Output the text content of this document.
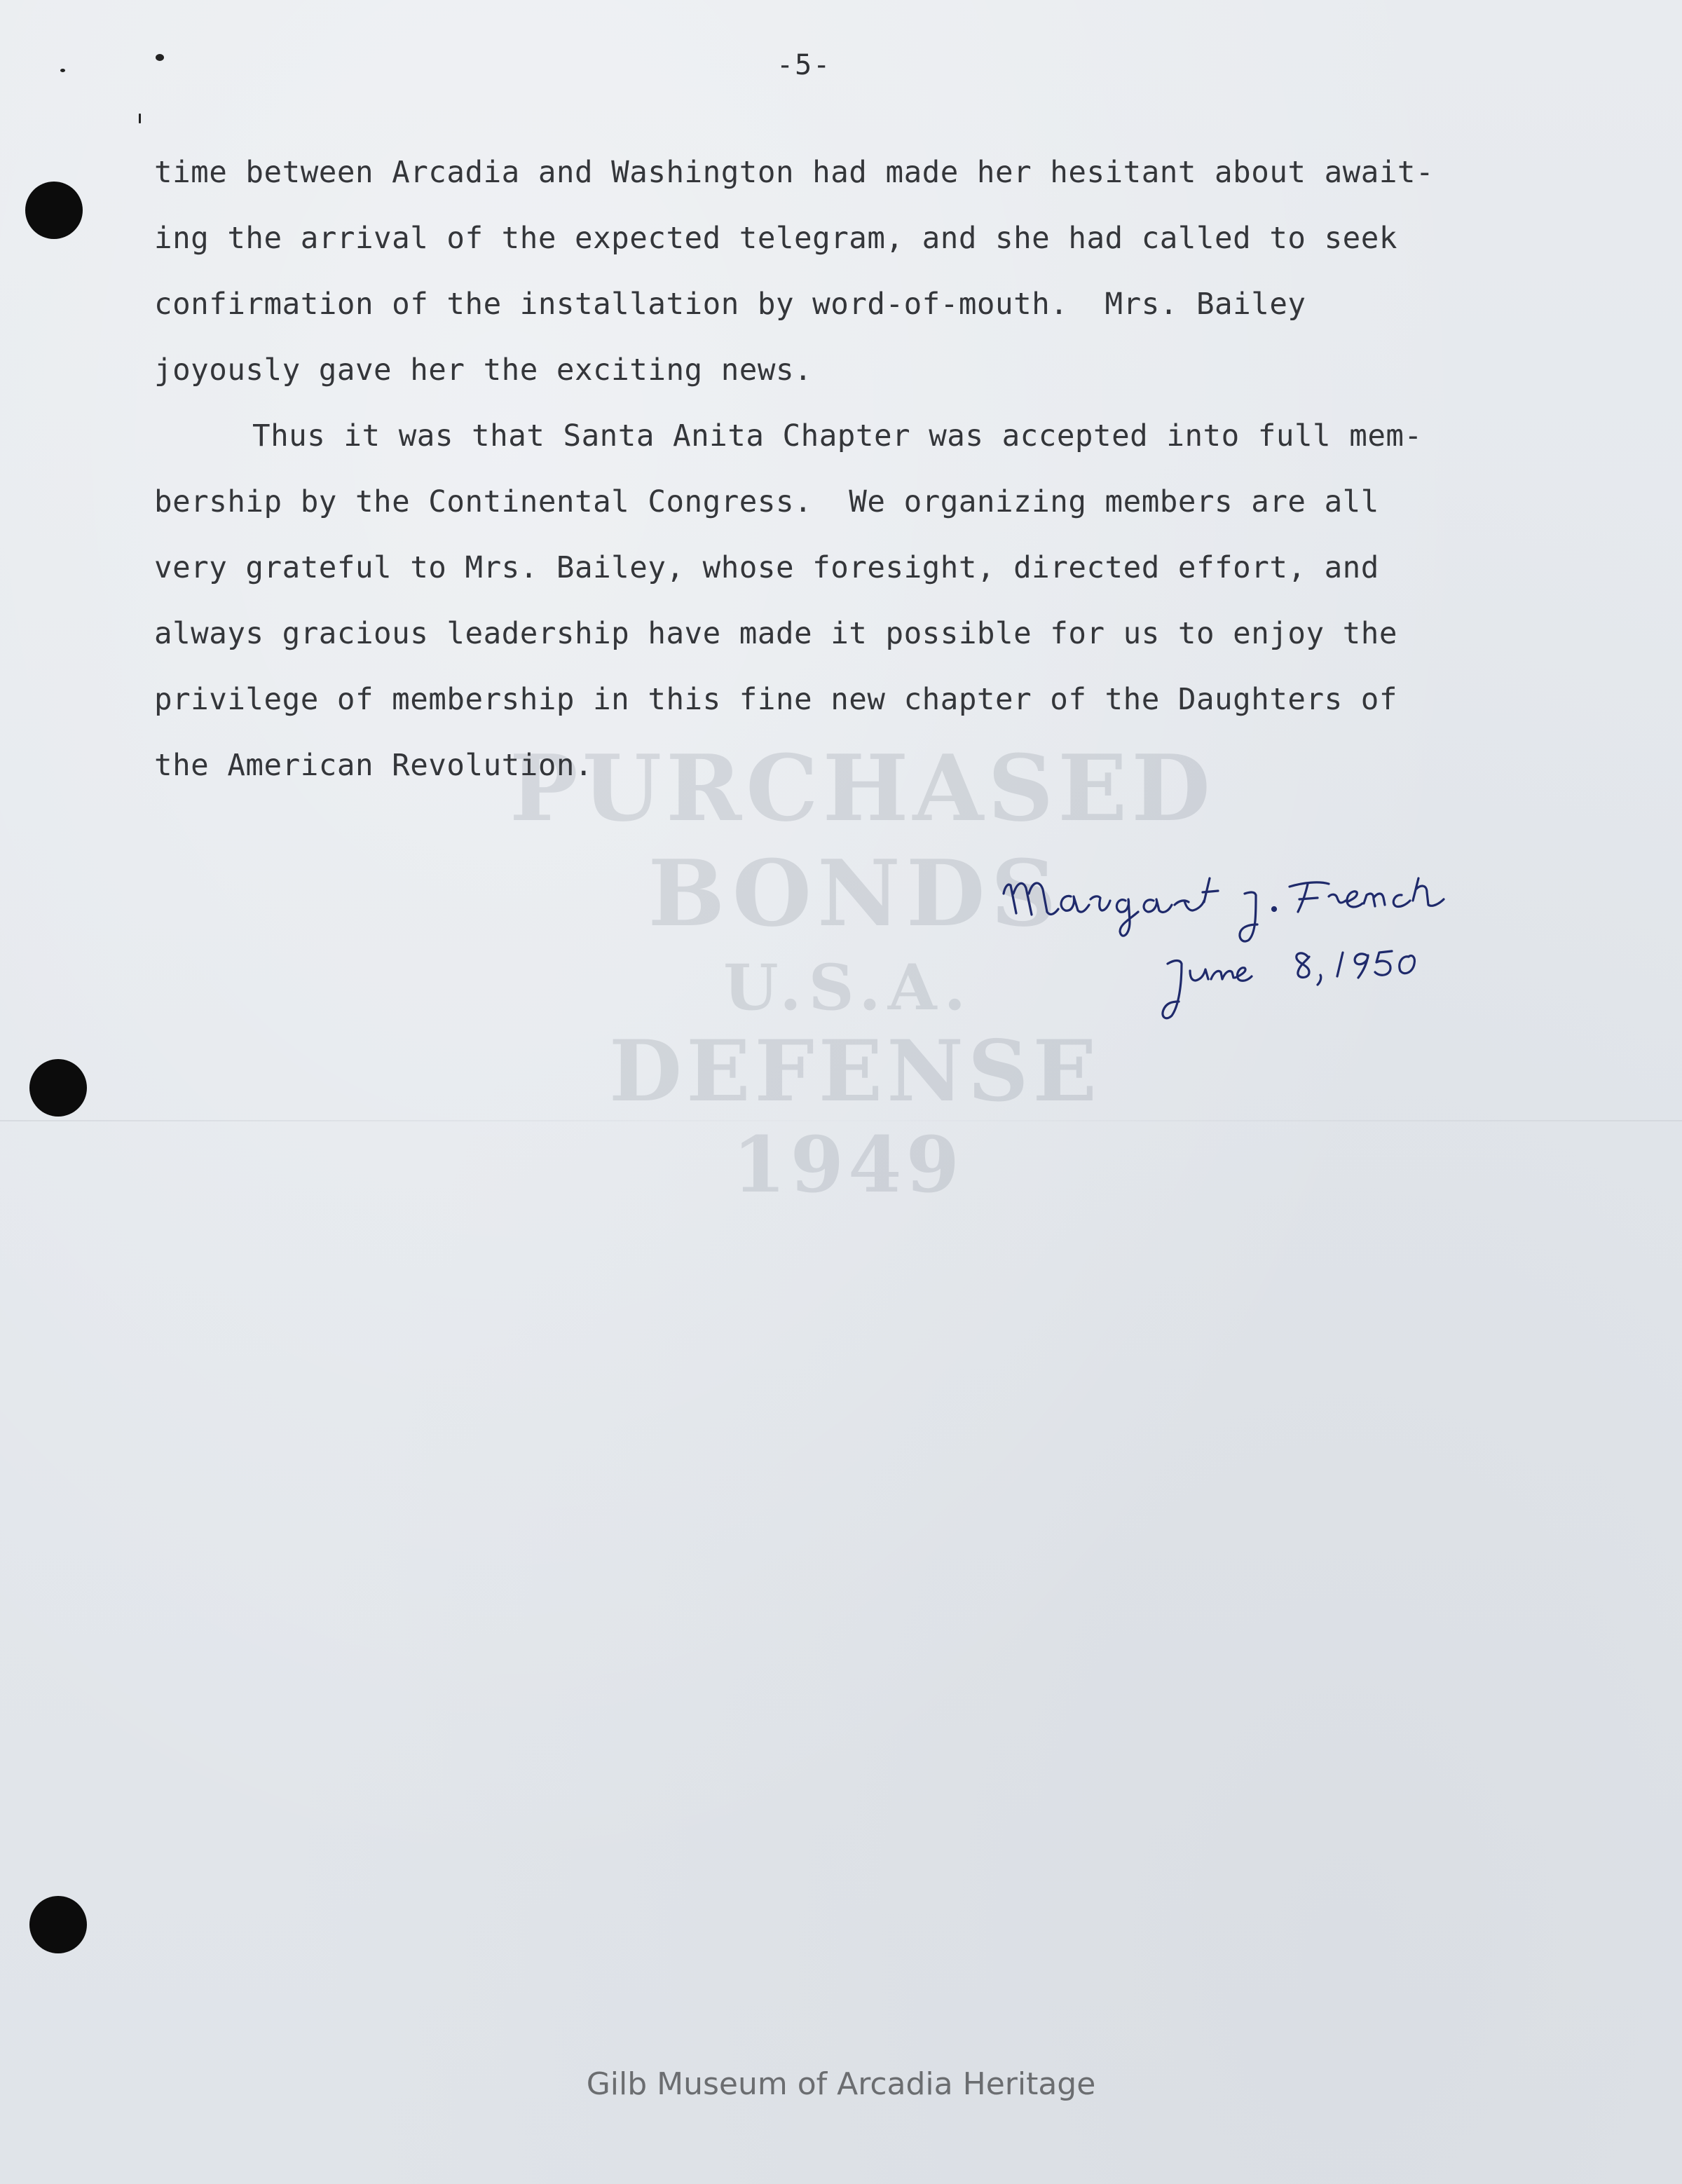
-5-
PURCHASED
BONDS
U.S.A.
DEFENSE
1949
time between Arcadia and Washington had made her hesitant about await-
ing the arrival of the expected telegram, and she had called to seek
confirmation of the installation by word-of-mouth.  Mrs. Bailey
joyously gave her the exciting news.
Thus it was that Santa Anita Chapter was accepted into full mem-
bership by the Continental Congress.  We organizing members are all
very grateful to Mrs. Bailey, whose foresight, directed effort, and
always gracious leadership have made it possible for us to enjoy the
privilege of membership in this fine new chapter of the Daughters of
the American Revolution.
Gilb Museum of Arcadia Heritage
